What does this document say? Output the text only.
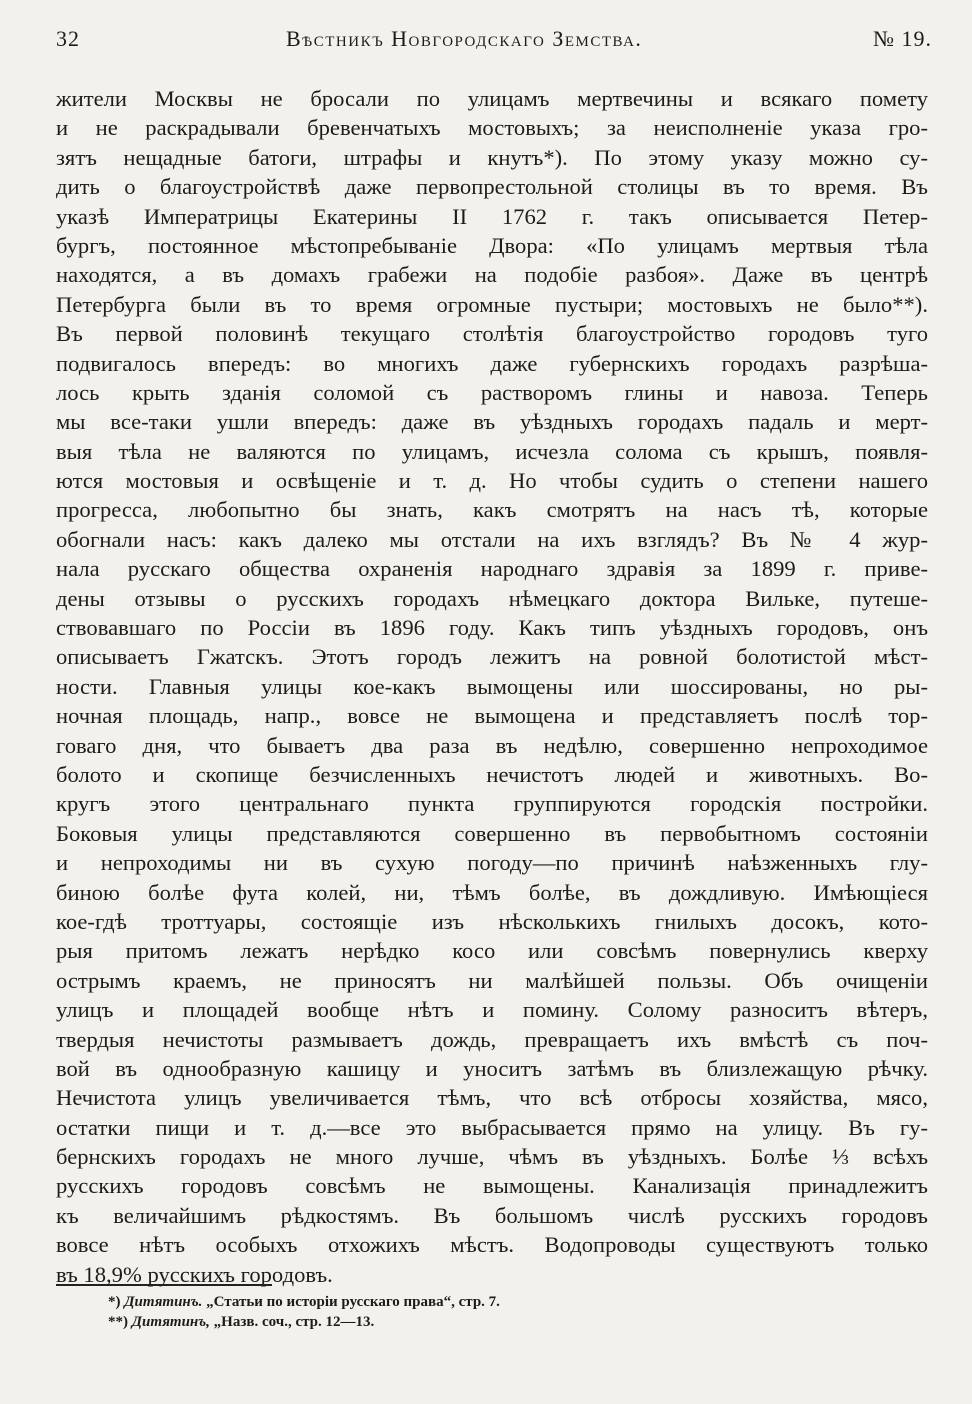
32	Вѣстникъ Новгородскаго Земства.	№ 19.
жители Москвы не бросали по улицамъ мертвечины и всякаго помету
и не раскрадывали бревенчатыхъ мостовыхъ; за неисполненіе указа гро-
зятъ нещадные батоги, штрафы и кнутъ*). По этому указу можно су-
дить о благоустройствѣ даже первопрестольной столицы въ то время. Въ
указѣ Императрицы Екатерины II 1762 г. такъ описывается Петер-
бургъ, постоянное мѣстопребываніе Двора: «По улицамъ мертвыя тѣла
находятся, а въ домахъ грабежи на подобіе разбоя». Даже въ центрѣ
Петербурга были въ то время огромные пустыри; мостовыхъ не было**).
Въ первой половинѣ текущаго столѣтія благоустройство городовъ туго
подвигалось впередъ: во многихъ даже губернскихъ городахъ разрѣша-
лось крыть зданія соломой съ растворомъ глины и навоза. Теперь
мы все-таки ушли впередъ: даже въ уѣздныхъ городахъ падаль и мерт-
выя тѣла не валяются по улицамъ, исчезла солома съ крышъ, появля-
ются мостовыя и освѣщеніе и т. д. Но чтобы судить о степени нашего
прогресса, любопытно бы знать, какъ смотрятъ на насъ тѣ, которые
обогнали насъ: какъ далеко мы отстали на ихъ взглядъ? Въ № 4 жур-
нала русскаго общества охраненія народнаго здравія за 1899 г. приве-
дены отзывы о русскихъ городахъ нѣмецкаго доктора Вильке, путеше-
ствовавшаго по Россіи въ 1896 году. Какъ типъ уѣздныхъ городовъ, онъ
описываетъ Гжатскъ. Этотъ городъ лежитъ на ровной болотистой мѣст-
ности. Главныя улицы кое-какъ вымощены или шоссированы, но ры-
ночная площадь, напр., вовсе не вымощена и представляетъ послѣ тор-
говаго дня, что бываетъ два раза въ недѣлю, совершенно непроходимое
болото и скопище безчисленныхъ нечистотъ людей и животныхъ. Во-
кругъ этого центральнаго пункта группируются городскія постройки.
Боковыя улицы представляются совершенно въ первобытномъ состояніи
и непроходимы ни въ сухую погоду—по причинѣ наѣзженныхъ глу-
биною болѣе фута колей, ни, тѣмъ болѣе, въ дождливую. Имѣющіеся
кое-гдѣ троттуары, состоящіе изъ нѣсколькихъ гнилыхъ досокъ, кото-
рыя притомъ лежатъ нерѣдко косо или совсѣмъ повернулись кверху
острымъ краемъ, не приносятъ ни малѣйшей пользы. Объ очищеніи
улицъ и площадей вообще нѣтъ и помину. Солому разноситъ вѣтеръ,
твердыя нечистоты размываетъ дождь, превращаетъ ихъ вмѣстѣ съ поч-
вой въ однообразную кашицу и уноситъ затѣмъ въ близлежащую рѣчку.
Нечистота улицъ увеличивается тѣмъ, что всѣ отбросы хозяйства, мясо,
остатки пищи и т. д.—все это выбрасывается прямо на улицу. Въ гу-
бернскихъ городахъ не много лучше, чѣмъ въ уѣздныхъ. Болѣе ⅓ всѣхъ
русскихъ городовъ совсѣмъ не вымощены. Канализація принадлежитъ
къ величайшимъ рѣдкостямъ. Въ большомъ числѣ русскихъ городовъ
вовсе нѣтъ особыхъ отхожихъ мѣстъ. Водопроводы существуютъ только
въ 18,9% русскихъ городовъ.
*) Дитятинъ. „Статьи по исторіи русскаго права“, стр. 7.
**) Дитятинъ, „Назв. соч., стр. 12—13.
